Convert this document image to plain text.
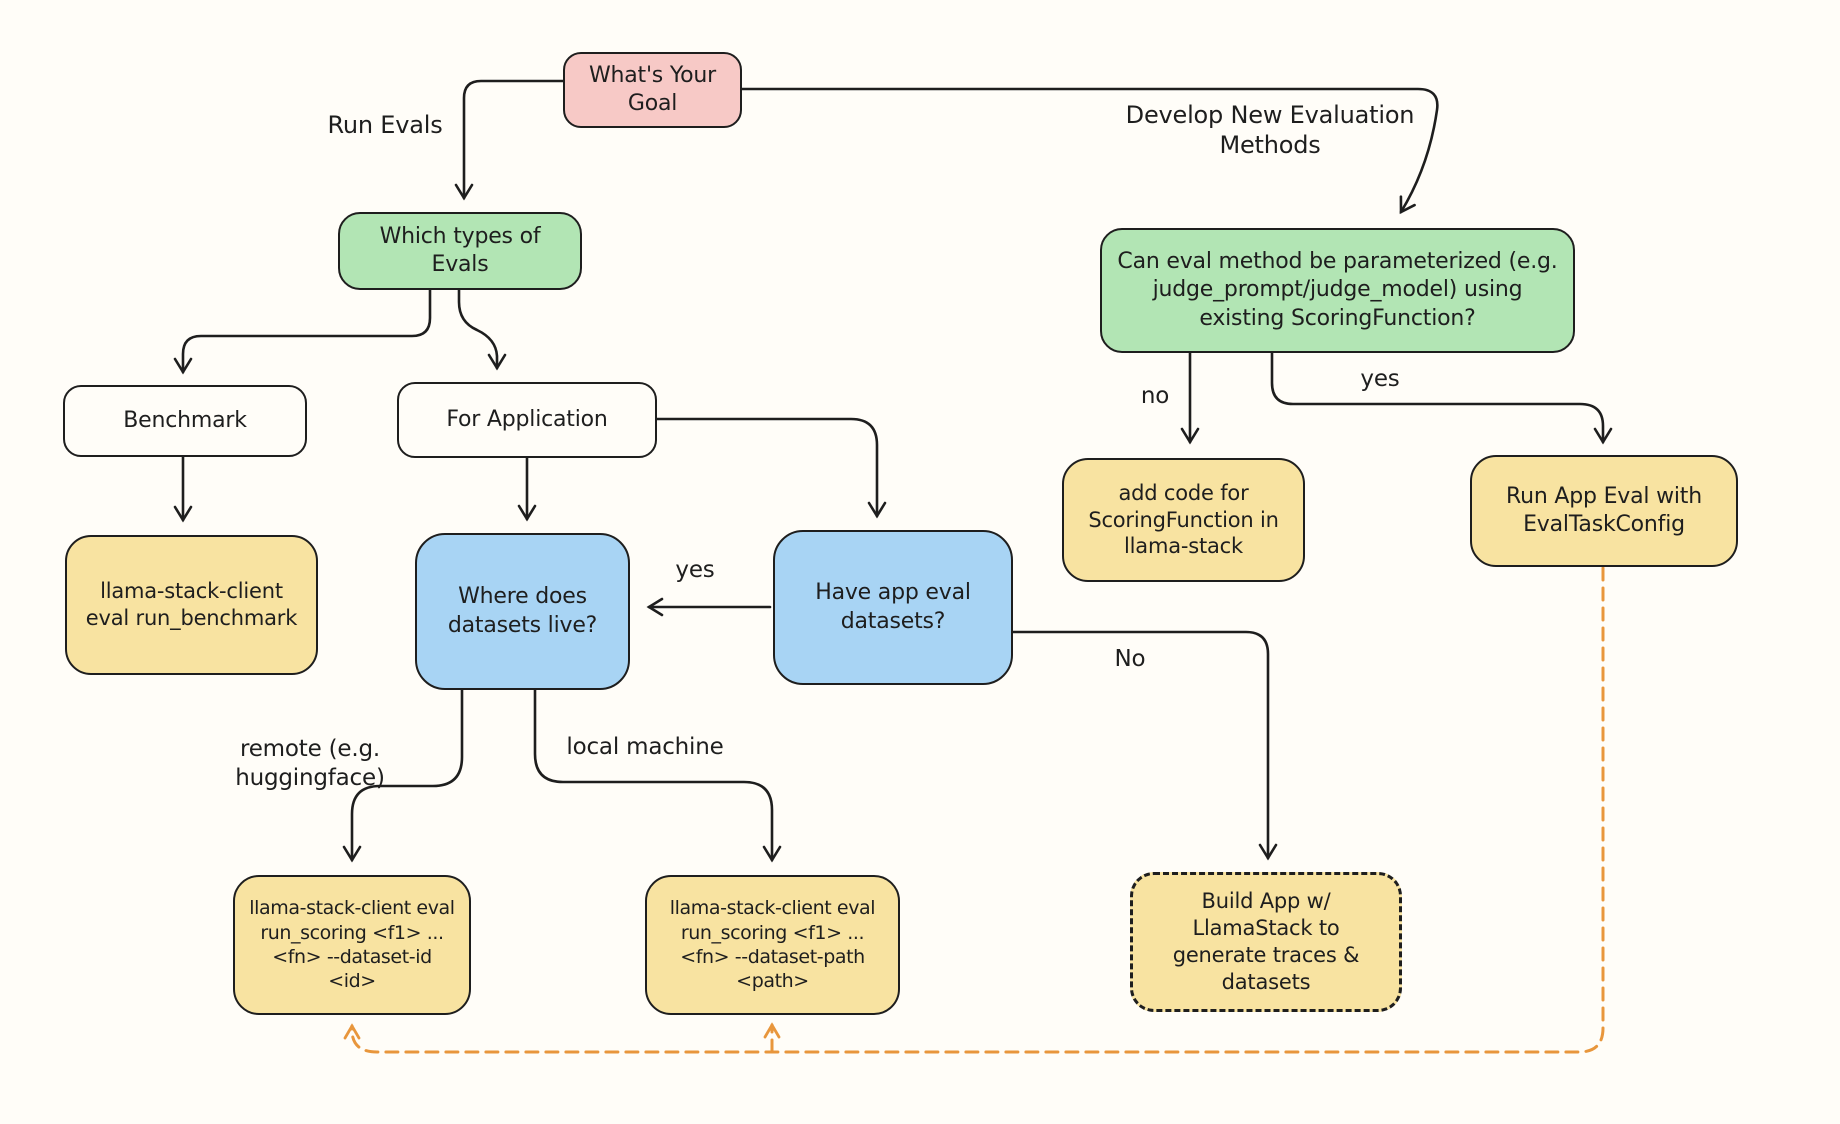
What's Your Goal
Which types of Evals	Can eval method be parameterized (e.g. judge_prompt/judge_model) using existing ScoringFunction?
Benchmark	For Application
add code for ScoringFunction in llama-stack
Run App Eval with EvalTaskConfig
llama-stack-client eval run_benchmark
Where does datasets live?
Have app eval datasets?
llama-stack-client eval run_scoring <f1> ... <fn> --dataset-id <id>
llama-stack-client eval run_scoring <f1> ... <fn> --dataset-path <path>
Build App w/ LlamaStack to generate traces & datasets
Run Evals	Develop New Evaluation Methods
no
yes
yes
No
remote (e.g. huggingface)
local machine
